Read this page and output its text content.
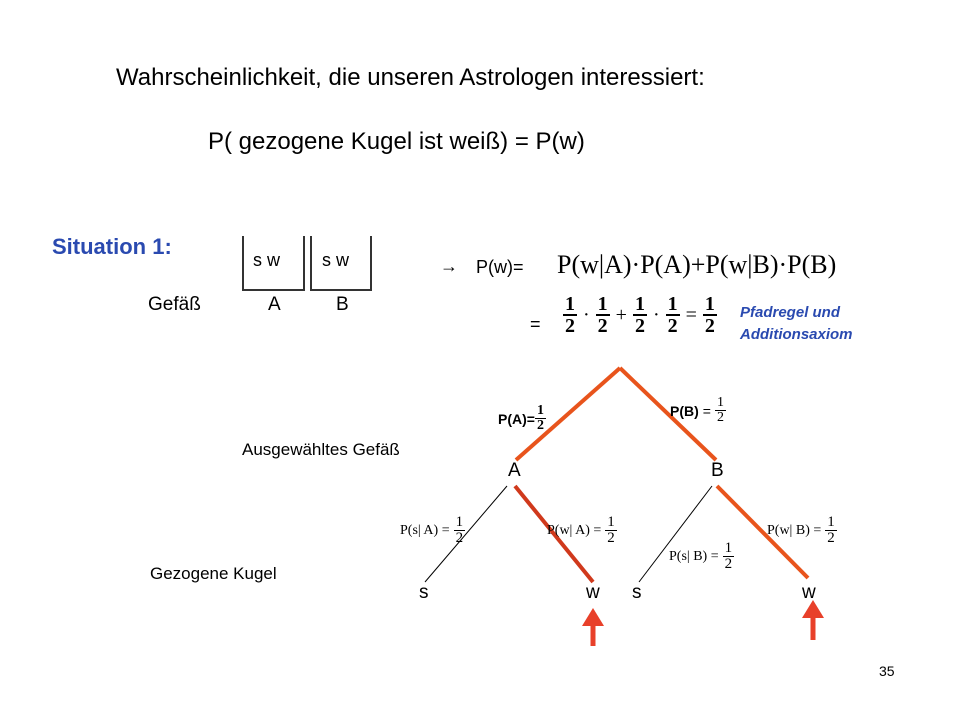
Wahrscheinlichkeit, die unseren Astrologen interessiert:
P( gezogene Kugel ist weiß) = P(w)
Situation 1:
s w s w
Gefäß	A	B
→ P(w)= P(w|A)·P(A)+P(w|B)·P(B)
= $\frac{1}{2} \cdot \frac{1}{2} + \frac{1}{2} \cdot \frac{1}{2} = \frac{1}{2}$ Pfadregel und
Additionsaxiom
Ausgewähltes Gefäß
Gezogene Kugel
$P(A)= \frac{1}{2}$	$P(B) = \frac{1}{2}$
A	B
P(s| $A) = \frac{1}{2}$	P(w| $A) = \frac{1}{2}$
P(s| $B) = \frac{1}{2}$
P(w| $B) = \frac{1}{2}$
s	w s	w
35
